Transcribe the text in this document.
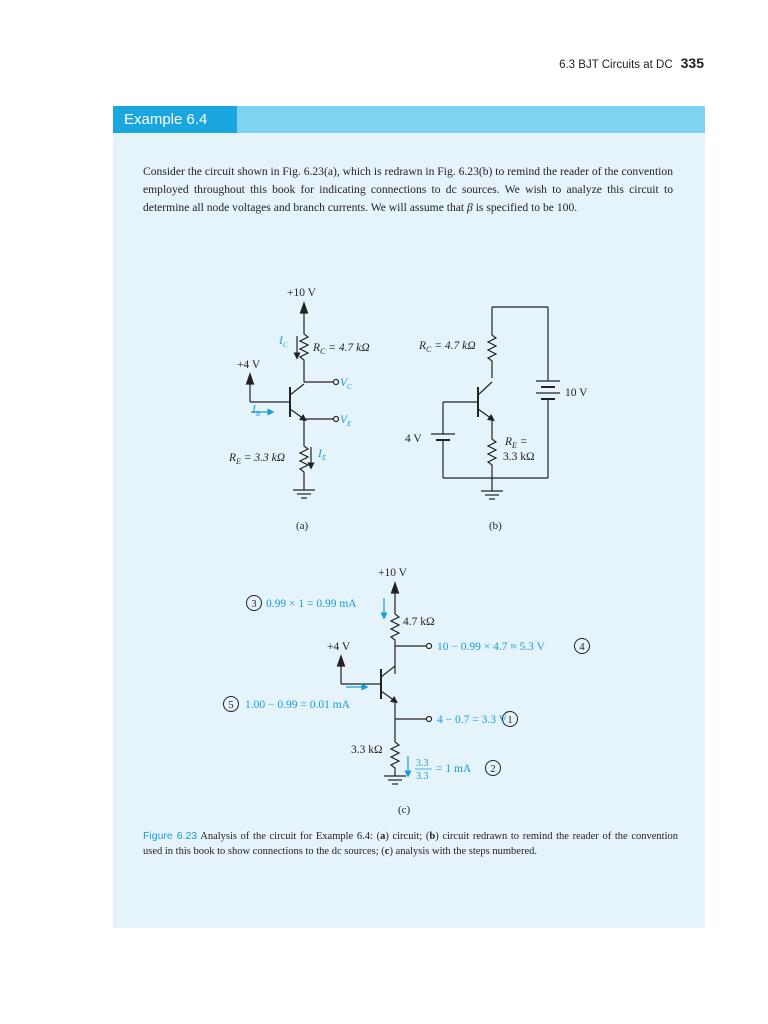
6.3 BJT Circuits at DC 335
Example 6.4

Consider the circuit shown in Fig. 6.23(a), which is redrawn in Fig. 6.23(b) to remind the reader of the convention employed throughout this book for indicating connections to dc sources. We wish to analyze this circuit to determine all node voltages and branch currents. We will assume that β is specified to be 100.

+10 V
+4 V
$I_C$ $R_C = 4.7$ kΩ
$V_C$
$I_B$	$V_E$
$I_E$
$R_E = 3.3$ kΩ
(a)
$R_C = 4.7$ kΩ
10 V
4 V	$R_E$ =
3.3 kΩ
(b)
+10 V
+4 V
4.7 kΩ
3.3 kΩ
3 0.99 × 1 = 0.99 mA
10 − 0.99 × 4.7 ≈ 5.3 V	4
5 1.00 − 0.99 = 0.01 mA
4 − 0.7 = 3.3 V 1
3.3
3.3
= 1 mA 2
(c)

Figure 6.23 Analysis of the circuit for Example 6.4: (a) circuit; (b) circuit redrawn to remind the reader of the convention used in this book to show connections to the dc sources; (c) analysis with the steps numbered.
